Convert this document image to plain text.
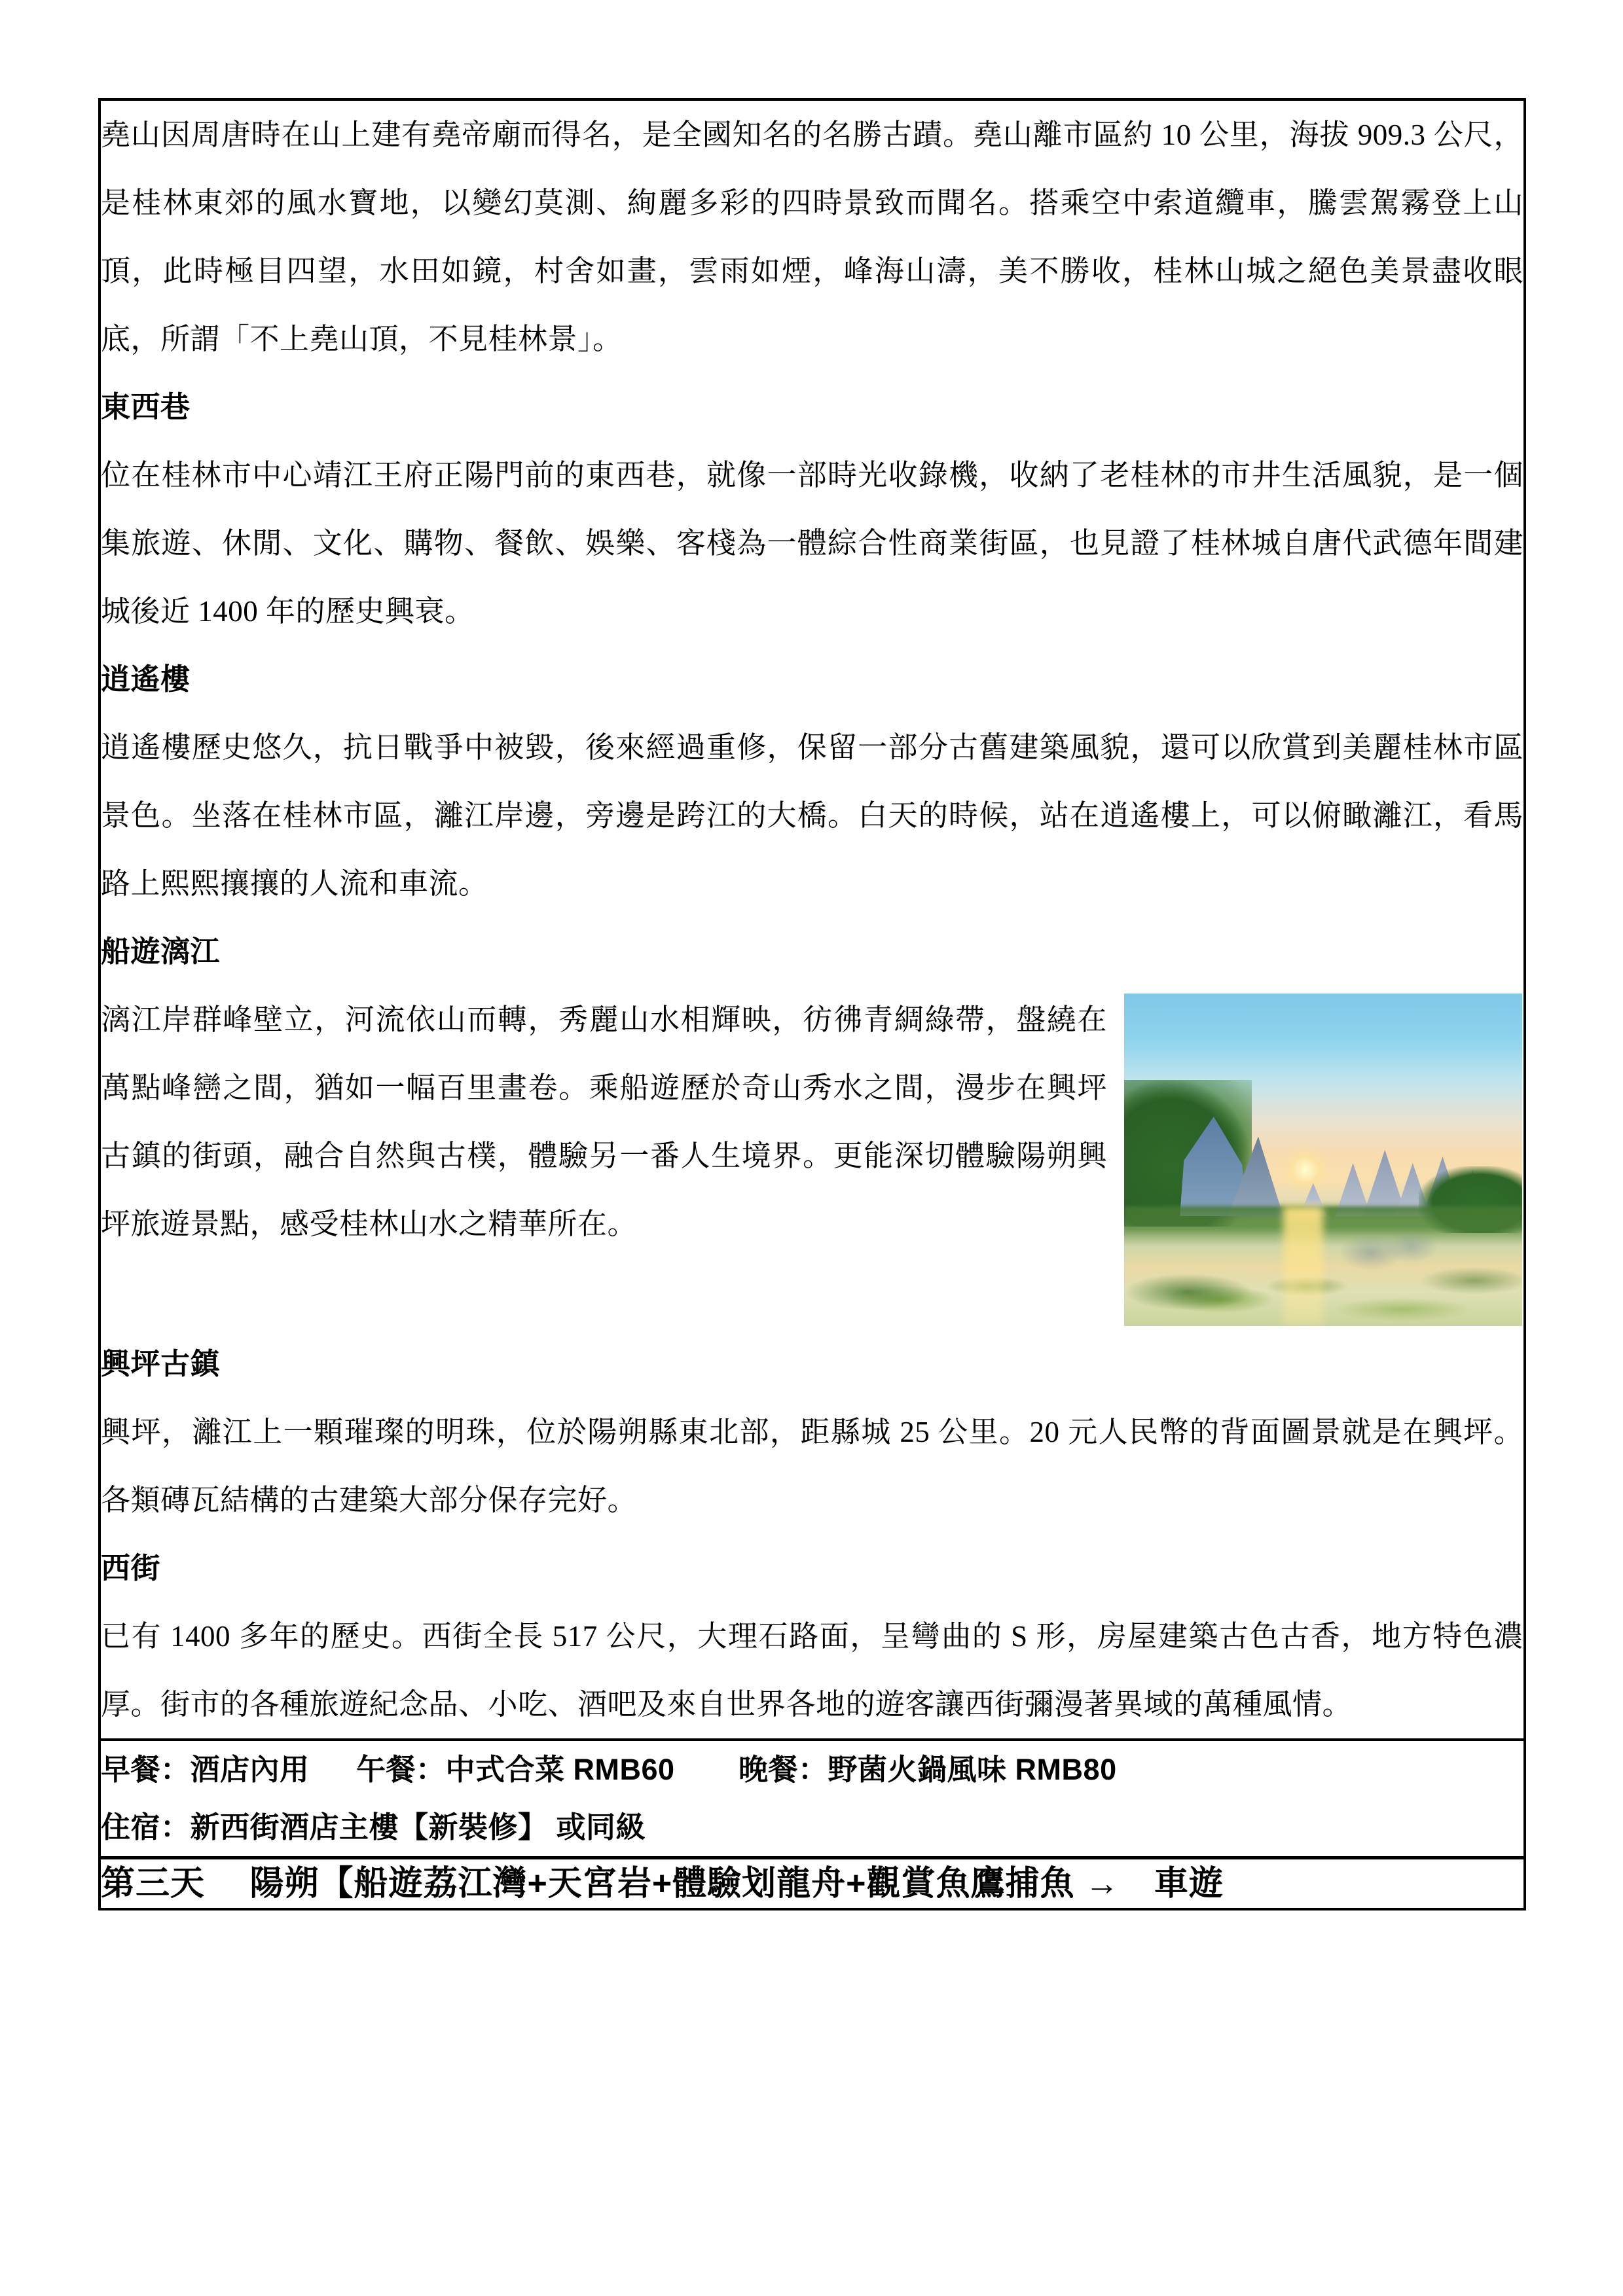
堯山因周唐時在山上建有堯帝廟而得名，是全國知名的名勝古蹟。堯山離市區約 10 公里，海拔 909.3 公尺，是桂林東郊的風水寶地，以變幻莫測、絢麗多彩的四時景致而聞名。搭乘空中索道纜車，騰雲駕霧登上山頂，此時極目四望，水田如鏡，村舍如畫，雲雨如煙，峰海山濤，美不勝收，桂林山城之絕色美景盡收眼底，所謂「不上堯山頂，不見桂林景」。

東西巷

位在桂林市中心靖江王府正陽門前的東西巷，就像一部時光收錄機，收納了老桂林的市井生活風貌，是一個集旅遊、休閒、文化、購物、餐飲、娛樂、客棧為一體綜合性商業街區，也見證了桂林城自唐代武德年間建城後近 1400 年的歷史興衰。

逍遙樓

逍遙樓歷史悠久，抗日戰爭中被毀，後來經過重修，保留一部分古舊建築風貌，還可以欣賞到美麗桂林市區景色。坐落在桂林市區，灕江岸邊，旁邊是跨江的大橋。白天的時候，站在逍遙樓上，可以俯瞰灕江，看馬路上熙熙攘攘的人流和車流。

船遊漓江

漓江岸群峰壁立，河流依山而轉，秀麗山水相輝映，彷彿青綢綠帶，盤繞在萬點峰巒之間，猶如一幅百里畫卷。乘船遊歷於奇山秀水之間，漫步在興坪古鎮的街頭，融合自然與古樸，體驗另一番人生境界。更能深切體驗陽朔興坪旅遊景點，感受桂林山水之精華所在。

興坪古鎮

興坪，灕江上一顆璀璨的明珠，位於陽朔縣東北部，距縣城 25 公里。20 元人民幣的背面圖景就是在興坪。各類磚瓦結構的古建築大部分保存完好。

西街

已有 1400 多年的歷史。西街全長 517 公尺，大理石路面，呈彎曲的 S 形，房屋建築古色古香，地方特色濃厚。街市的各種旅遊紀念品、小吃、酒吧及來自世界各地的遊客讓西街彌漫著異域的萬種風情。

早餐：酒店內用　  午餐：中式合菜 RMB60　    晚餐：野菌火鍋風味 RMB80
住宿：新西街酒店主樓【新裝修】 或同級

第三天　 陽朔【船遊荔江灣+天宮岩+體驗划龍舟+觀賞魚鷹捕魚 →　車遊
